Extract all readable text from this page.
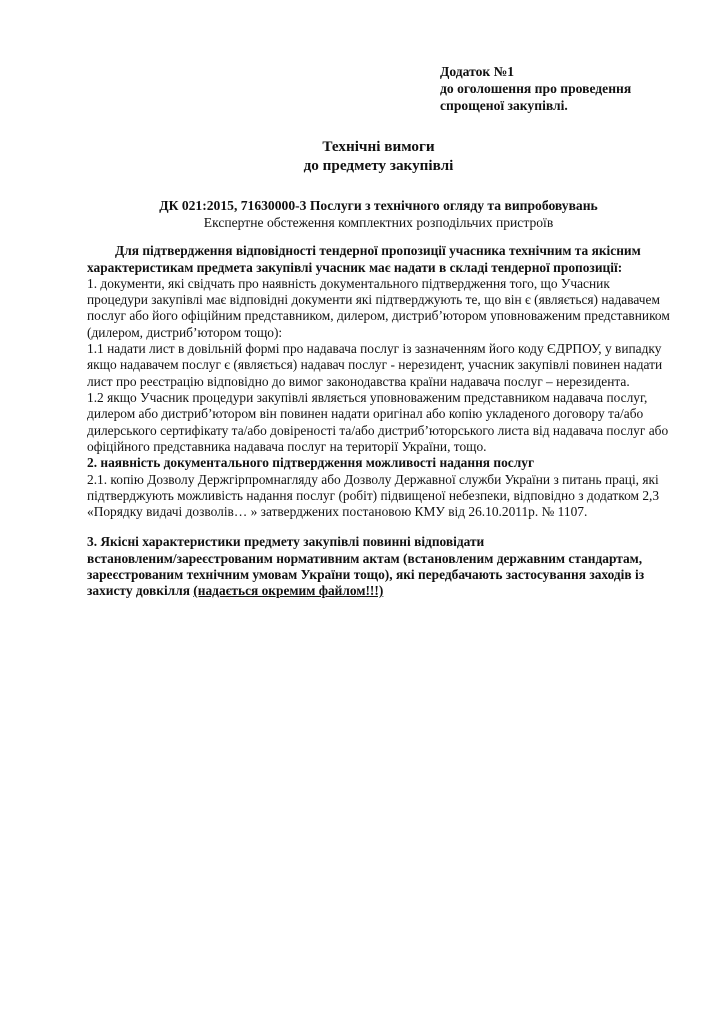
Додаток №1
до оголошення про проведення
спрощеної закупівлі.
Технічні вимоги
до предмету закупівлі
ДК 021:2015, 71630000-3 Послуги з технічного огляду та випробовувань
Експертне обстеження комплектних розподільчих пристроїв
Для підтвердження відповідності тендерної пропозиції учасника технічним та якісним
характеристикам предмета закупівлі учасник має надати в складі тендерної пропозиції:
1. документи, які свідчать про наявність документального підтвердження того, що Учасник
процедури закупівлі має відповідні документи які підтверджують те, що він є (являється) надавачем
послуг або його офіційним представником, дилером, дистриб’ютором уповноваженим представником
(дилером, дистриб’ютором тощо):
1.1 надати лист в довільній формі про надавача послуг із зазначенням його коду ЄДРПОУ, у випадку
якщо надавачем послуг є (являється) надавач послуг - нерезидент, учасник закупівлі повинен надати
лист про реєстрацію відповідно до вимог законодавства країни надавача послуг – нерезидента.
1.2 якщо Учасник процедури закупівлі являється уповноваженим представником надавача послуг,
дилером або дистриб’ютором він повинен надати оригінал або копію укладеного договору та/або
дилерського сертифікату та/або довіреності та/або дистриб’юторського листа від надавача послуг або
офіційного представника надавача послуг на території України, тощо.
2. наявність документального підтвердження можливості надання послуг
2.1. копію Дозволу Держгірпромнагляду або Дозволу Державної служби України з питань праці, які
підтверджують можливість надання послуг (робіт) підвищеної небезпеки, відповідно з додатком 2,3
«Порядку видачі дозволів… » затверджених постановою КМУ від 26.10.2011р. № 1107.
3. Якісні характеристики предмету закупівлі повинні відповідати
встановленим/зареєстрованим нормативним актам (встановленим державним стандартам,
зареєстрованим технічним умовам України тощо), які передбачають застосування заходів із
захисту довкілля (надається окремим файлом!!!)
